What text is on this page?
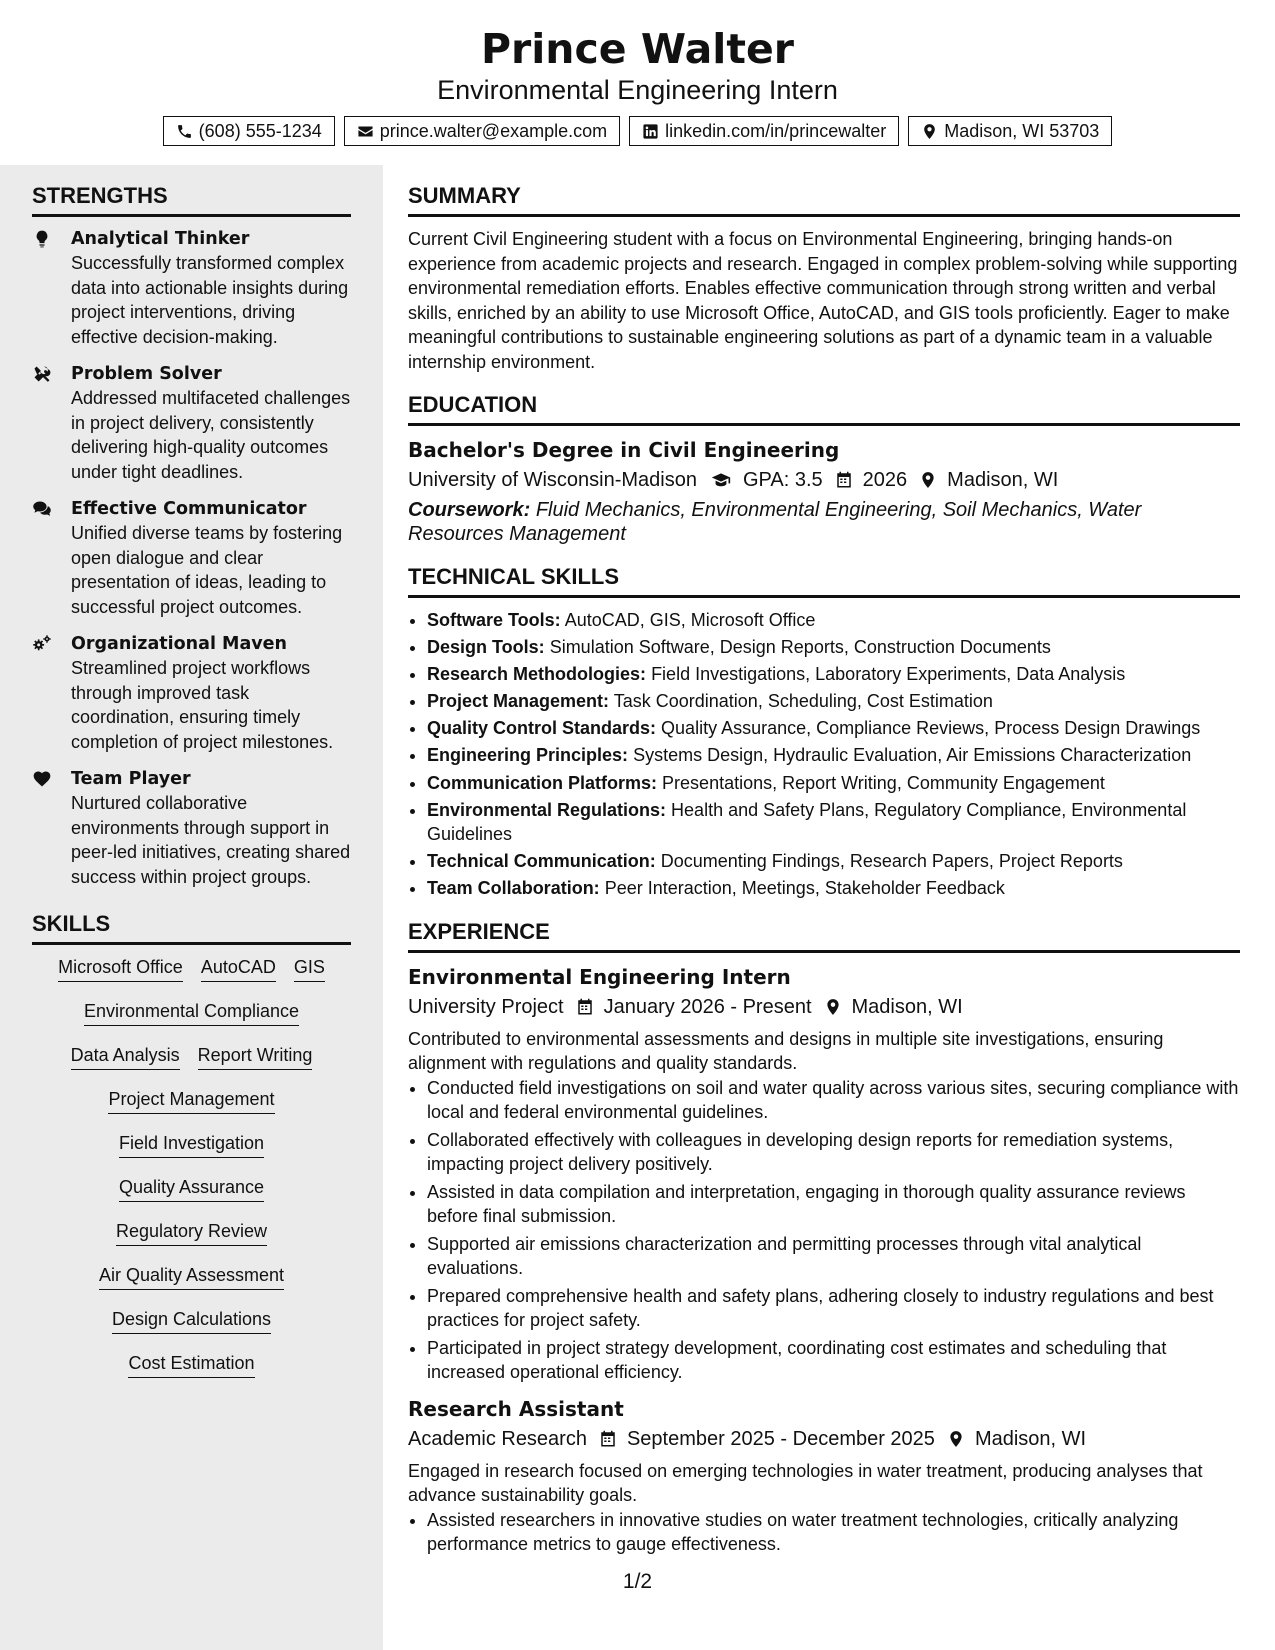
Prince Walter
Environmental Engineering Intern
(608) 555-1234	prince.walter@example.com	linkedin.com/in/princewalter	Madison, WI 53703
STRENGTHS
Analytical Thinker
Successfully transformed complex data into actionable insights during project interventions, driving effective decision-making.
Problem Solver
Addressed multifaceted challenges in project delivery, consistently delivering high-quality outcomes under tight deadlines.
Effective Communicator
Unified diverse teams by fostering open dialogue and clear presentation of ideas, leading to successful project outcomes.
Organizational Maven
Streamlined project workflows through improved task coordination, ensuring timely completion of project milestones.
Team Player
Nurtured collaborative environments through support in peer-led initiatives, creating shared success within project groups.
SKILLS
Microsoft Office AutoCAD GIS
Environmental Compliance
Data Analysis Report Writing
Project Management
Field Investigation
Quality Assurance
Regulatory Review
Air Quality Assessment
Design Calculations
Cost Estimation
SUMMARY
Current Civil Engineering student with a focus on Environmental Engineering, bringing hands-on experience from academic projects and research. Engaged in complex problem-solving while supporting environmental remediation efforts. Enables effective communication through strong written and verbal skills, enriched by an ability to use Microsoft Office, AutoCAD, and GIS tools proficiently. Eager to make meaningful contributions to sustainable engineering solutions as part of a dynamic team in a valuable internship environment.
EDUCATION
Bachelor's Degree in Civil Engineering
University of Wisconsin-Madison GPA: 3.5 2026 Madison, WI
Coursework: Fluid Mechanics, Environmental Engineering, Soil Mechanics, Water Resources Management
TECHNICAL SKILLS
• Software Tools: AutoCAD, GIS, Microsoft Office
• Design Tools: Simulation Software, Design Reports, Construction Documents
• Research Methodologies: Field Investigations, Laboratory Experiments, Data Analysis
• Project Management: Task Coordination, Scheduling, Cost Estimation
• Quality Control Standards: Quality Assurance, Compliance Reviews, Process Design Drawings
• Engineering Principles: Systems Design, Hydraulic Evaluation, Air Emissions Characterization
• Communication Platforms: Presentations, Report Writing, Community Engagement
• Environmental Regulations: Health and Safety Plans, Regulatory Compliance, Environmental Guidelines
• Technical Communication: Documenting Findings, Research Papers, Project Reports
• Team Collaboration: Peer Interaction, Meetings, Stakeholder Feedback
EXPERIENCE
Environmental Engineering Intern
University Project January 2026 - Present Madison, WI
Contributed to environmental assessments and designs in multiple site investigations, ensuring alignment with regulations and quality standards.
• Conducted field investigations on soil and water quality across various sites, securing compliance with local and federal environmental guidelines.
• Collaborated effectively with colleagues in developing design reports for remediation systems, impacting project delivery positively.
• Assisted in data compilation and interpretation, engaging in thorough quality assurance reviews before final submission.
• Supported air emissions characterization and permitting processes through vital analytical evaluations.
• Prepared comprehensive health and safety plans, adhering closely to industry regulations and best practices for project safety.
• Participated in project strategy development, coordinating cost estimates and scheduling that increased operational efficiency.
Research Assistant
Academic Research September 2025 - December 2025 Madison, WI
Engaged in research focused on emerging technologies in water treatment, producing analyses that advance sustainability goals.
• Assisted researchers in innovative studies on water treatment technologies, critically analyzing performance metrics to gauge effectiveness.
1/2
